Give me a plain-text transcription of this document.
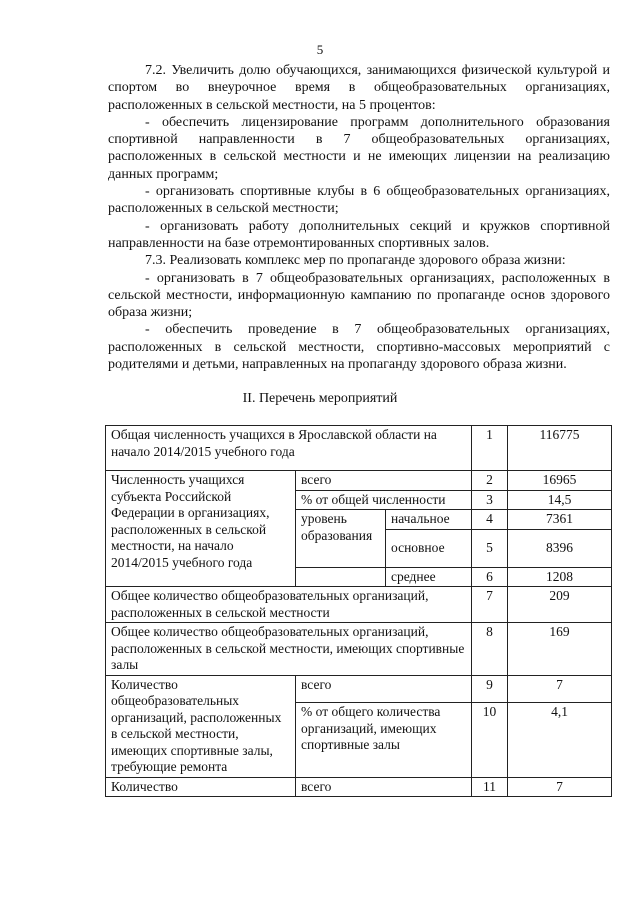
5

7.2. Увеличить долю обучающихся, занимающихся физической культурой и спортом во внеурочное время в общеобразовательных организациях, расположенных в сельской местности, на 5 процентов:

- обеспечить лицензирование программ дополнительного образования спортивной направленности в 7 общеобразовательных организациях, расположенных в сельской местности и не имеющих лицензии на реализацию данных программ;

- организовать спортивные клубы в 6 общеобразовательных организациях, расположенных в сельской местности;

- организовать работу дополнительных секций и кружков спортивной направленности на базе отремонтированных спортивных залов.

7.3. Реализовать комплекс мер по пропаганде здорового образа жизни:

- организовать в 7 общеобразовательных организациях, расположенных в сельской местности, информационную кампанию по пропаганде основ здорового образа жизни;

- обеспечить проведение в 7 общеобразовательных организациях, расположенных в сельской местности, спортивно-массовых мероприятий с родителями и детьми, направленных на пропаганду здорового образа жизни.

II. Перечень мероприятий
Общая численность учащихся в Ярославской области на начало 2014/2015 учебного года			1	116775
Численность учащихся субъекта Российской Федерации в организациях, расположенных в сельской местности, на начало 2014/2015 учебного года	всего		2	16965
	% от общей численности		3	14,5
	уровень образования	начальное	4	7361
		основное	5	8396
		среднее	6	1208
Общее количество общеобразовательных организаций, расположенных в сельской местности			7	209
Общее количество общеобразовательных организаций, расположенных в сельской местности, имеющих спортивные залы			8	169
Количество общеобразовательных организаций, расположенных в сельской местности, имеющих спортивные залы, требующие ремонта	всего		9	7
	% от общего количества организаций, имеющих спортивные залы		10	4,1
Количество	всего		11	7
